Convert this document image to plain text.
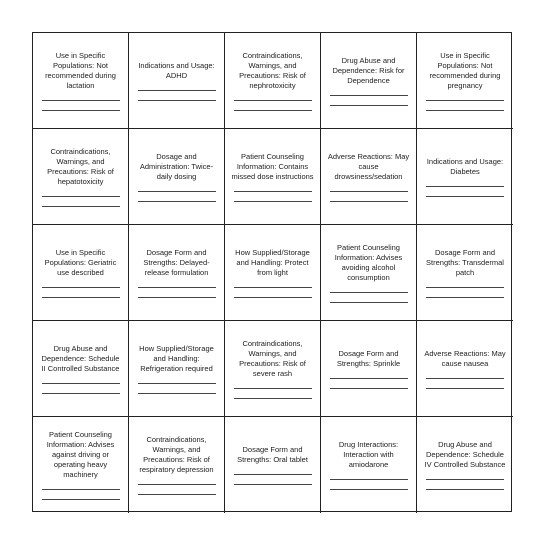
Use in Specific Populations: Not recommended during lactation
Indications and Usage: ADHD
Contraindications, Warnings, and Precautions: Risk of nephrotoxicity
Drug Abuse and Dependence: Risk for Dependence
Use in Specific Populations: Not recommended during pregnancy
Contraindications, Warnings, and Precautions: Risk of hepatotoxicity
Dosage and Administration: Twice-daily dosing
Patient Counseling Information: Contains missed dose instructions
Adverse Reactions: May cause drowsiness/sedation
Indications and Usage: Diabetes
Use in Specific Populations: Geriatric use described
Dosage Form and Strengths: Delayed-release formulation
How Supplied/Storage and Handling: Protect from light
Patient Counseling Information: Advises avoiding alcohol consumption
Dosage Form and Strengths: Transdermal patch
Drug Abuse and Dependence: Schedule II Controlled Substance
How Supplied/Storage and Handling: Refrigeration required
Contraindications, Warnings, and Precautions: Risk of severe rash
Dosage Form and Strengths: Sprinkle
Adverse Reactions: May cause nausea
Patient Counseling Information: Advises against driving or operating heavy machinery
Contraindications, Warnings, and Precautions: Risk of respiratory depression
Dosage Form and Strengths: Oral tablet
Drug Interactions: Interaction with amiodarone
Drug Abuse and Dependence: Schedule IV Controlled Substance
